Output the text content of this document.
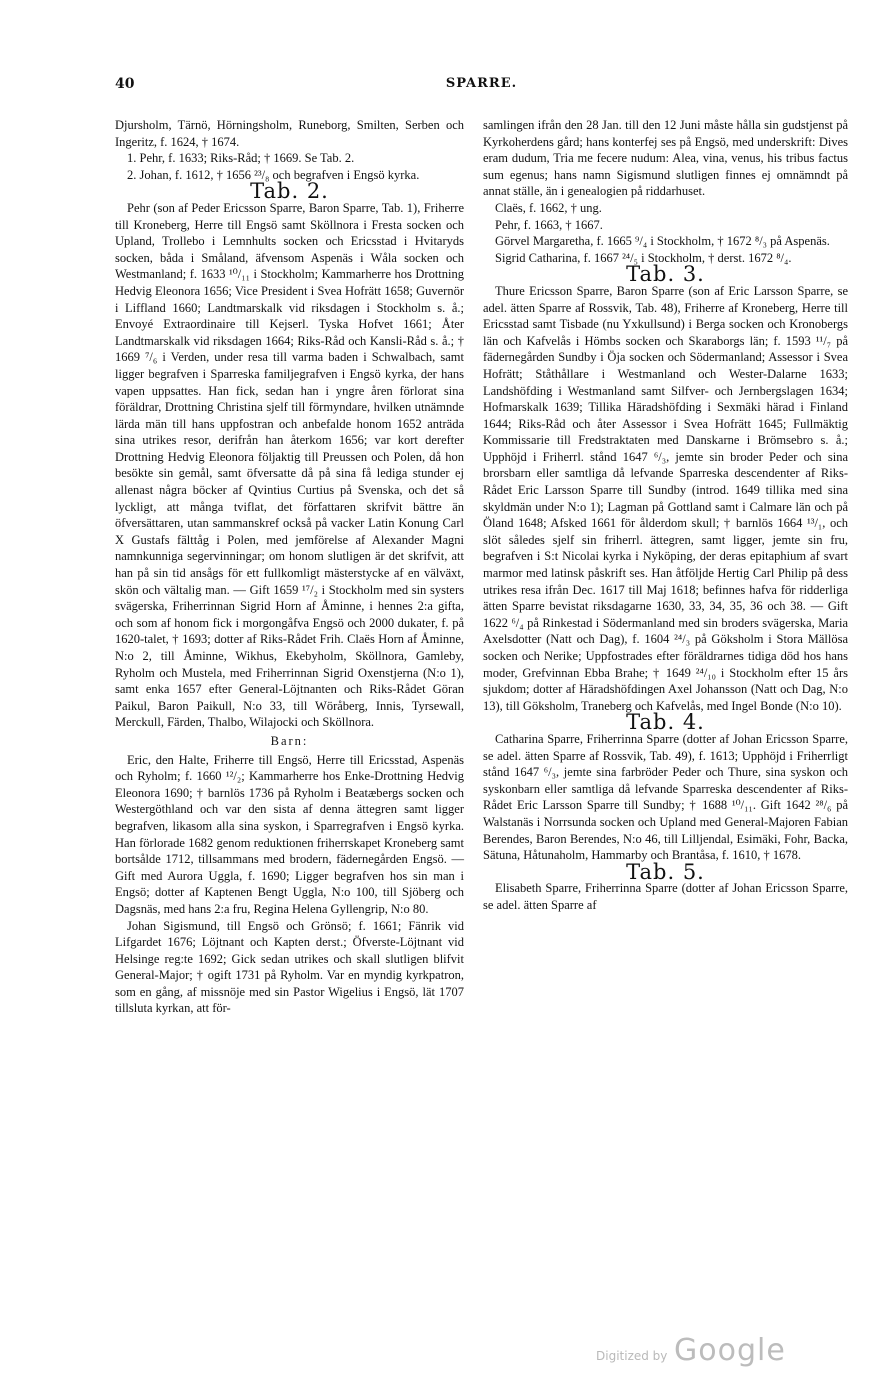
40	SPARRE.

Djursholm, Tärnö, Hörningsholm, Runeborg, Smilten, Serben och Ingeritz, f. 1624, † 1674.

1. Pehr, f. 1633; Riks-Råd; † 1669. Se Tab. 2.

2. Johan, f. 1612, † 1656 ²³/₈ och begrafven i Engsö kyrka.

Tab. 2.

Pehr (son af Peder Ericsson Sparre, Baron Sparre, Tab. 1), Friherre till Kroneberg, Herre till Engsö samt Sköllnora i Fresta socken och Upland, Trollebo i Lemnhults socken och Ericsstad i Hvitaryds socken, båda i Småland, äfvensom Aspenäs i Wåla socken och Westmanland; f. 1633 ¹⁰/₁₁ i Stockholm; Kammarherre hos Drottning Hedvig Eleonora 1656; Vice President i Svea Hofrätt 1658; Guvernör i Liffland 1660; Landtmarskalk vid riksdagen i Stockholm s. å.; Envoyé Extraordinaire till Kejserl. Tyska Hofvet 1661; Åter Landtmarskalk vid riksdagen 1664; Riks-Råd och Kansli-Råd s. å.; † 1669 ⁷/₆ i Verden, under resa till varma baden i Schwalbach, samt ligger begrafven i Sparreska familjegrafven i Engsö kyrka, der hans vapen uppsattes. Han fick, sedan han i yngre åren förlorat sina föräldrar, Drottning Christina sjelf till förmyndare, hvilken utnämnde lärda män till hans uppfostran och anbefalde honom 1652 anträda sina utrikes resor, derifrån han återkom 1656; var kort derefter Drottning Hedvig Eleonora följaktig till Preussen och Polen, då hon besökte sin gemål, samt öfversatte då på sina få lediga stunder ej allenast några böcker af Qvintius Curtius på Svenska, och det så lyckligt, att många tviflat, det författaren skrifvit bättre än öfversättaren, utan sammanskref också på vacker Latin Konung Carl X Gustafs fälttåg i Polen, med jemförelse af Alexander Magni namnkunniga segervinningar; om honom slutligen är det skrifvit, att han på sin tid ansågs för ett fullkomligt mästerstycke af en välväxt, skön och vältalig man. — Gift 1659 ¹⁷/₂ i Stockholm med sin systers svägerska, Friherrinnan Sigrid Horn af Åminne, i hennes 2:a gifta, och som af honom fick i morgongåfva Engsö och 2000 dukater, f. på 1620-talet, † 1693; dotter af Riks-Rådet Frih. Claës Horn af Åminne, N:o 2, till Åminne, Wikhus, Ekebyholm, Sköllnora, Gamleby, Ryholm och Mustela, med Friherrinnan Sigrid Oxenstjerna (N:o 1), samt enka 1657 efter General-Löjtnanten och Riks-Rådet Göran Paikul, Baron Paikull, N:o 33, till Wöråberg, Innis, Tyrsewall, Merckull, Färden, Thalbo, Wilajocki och Sköllnora.

Barn:

Eric, den Halte, Friherre till Engsö, Herre till Ericsstad, Aspenäs och Ryholm; f. 1660 ¹²/₂; Kammarherre hos Enke-Drottning Hedvig Eleonora 1690; † barnlös 1736 på Ryholm i Beatæbergs socken och Westergöthland och var den sista af denna ättegren samt ligger begrafven, likasom alla sina syskon, i Sparregrafven i Engsö kyrka. Han förlorade 1682 genom reduktionen friherrskapet Kroneberg samt bortsålde 1712, tillsammans med brodern, fädernegården Engsö. — Gift med Aurora Uggla, f. 1690; Ligger begrafven hos sin man i Engsö; dotter af Kaptenen Bengt Uggla, N:o 100, till Sjöberg och Dagsnäs, med hans 2:a fru, Regina Helena Gyllengrip, N:o 80.

Johan Sigismund, till Engsö och Grönsö; f. 1661; Fänrik vid Lifgardet 1676; Löjtnant och Kapten derst.; Öfverste-Löjtnant vid Helsinge reg:te 1692; Gick sedan utrikes och skall slutligen blifvit General-Major; † ogift 1731 på Ryholm. Var en myndig kyrkpatron, som en gång, af missnöje med sin Pastor Wigelius i Engsö, lät 1707 tillsluta kyrkan, att för-

samlingen ifrån den 28 Jan. till den 12 Juni måste hålla sin gudstjenst på Kyrkoherdens gård; hans konterfej ses på Engsö, med underskrift: Dives eram dudum, Tria me fecere nudum: Alea, vina, venus, his tribus factus sum egenus; hans namn Sigismund slutligen finnes ej omnämndt på annat ställe, än i genealogien på riddarhuset.

Claës, f. 1662, † ung.

Pehr, f. 1663, † 1667.

Görvel Margaretha, f. 1665 ⁹/₄ i Stockholm, † 1672 ⁸/₃ på Aspenäs.

Sigrid Catharina, f. 1667 ²⁴/₅ i Stockholm, † derst. 1672 ⁸/₄.

Tab. 3.

Thure Ericsson Sparre, Baron Sparre (son af Eric Larsson Sparre, se adel. ätten Sparre af Rossvik, Tab. 48), Friherre af Kroneberg, Herre till Ericsstad samt Tisbade (nu Yxkullsund) i Berga socken och Kronobergs län och Kafvelås i Hömbs socken och Skaraborgs län; f. 1593 ¹¹/₇ på fädernegården Sundby i Öja socken och Södermanland; Assessor i Svea Hofrätt; Ståthållare i Westmanland och Wester-Dalarne 1633; Landshöfding i Westmanland samt Silfver- och Jernbergslagen 1634; Hofmarskalk 1639; Tillika Häradshöfding i Sexmäki härad i Finland 1644; Riks-Råd och åter Assessor i Svea Hofrätt 1645; Fullmäktig Kommissarie till Fredstraktaten med Danskarne i Brömsebro s. å.; Upphöjd i Friherrl. stånd 1647 ⁶/₃, jemte sin broder Peder och sina brorsbarn eller samtliga då lefvande Sparreska descendenter af Riks-Rådet Eric Larsson Sparre till Sundby (introd. 1649 tillika med sina skyldmän under N:o 1); Lagman på Gottland samt i Calmare län och på Öland 1648; Afsked 1661 för ålderdom skull; † barnlös 1664 ¹³/₁, och slöt således sjelf sin friherrl. ättegren, samt ligger, jemte sin fru, begrafven i S:t Nicolai kyrka i Nyköping, der deras epitaphium af svart marmor med latinsk påskrift ses. Han åtföljde Hertig Carl Philip på dess utrikes resa ifrån Dec. 1617 till Maj 1618; befinnes hafva för ridderliga ätten Sparre bevistat riksdagarne 1630, 33, 34, 35, 36 och 38. — Gift 1622 ⁶/₄ på Rinkestad i Södermanland med sin broders svägerska, Maria Axelsdotter (Natt och Dag), f. 1604 ²⁴/₃ på Göksholm i Stora Mällösa socken och Nerike; Uppfostrades efter föräldrarnes tidiga död hos hans moder, Grefvinnan Ebba Brahe; † 1649 ²⁴/₁₀ i Stockholm efter 15 års sjukdom; dotter af Häradshöfdingen Axel Johansson (Natt och Dag, N:o 13), till Göksholm, Traneberg och Kafvelås, med Ingel Bonde (N:o 10).

Tab. 4.

Catharina Sparre, Friherrinna Sparre (dotter af Johan Ericsson Sparre, se adel. ätten Sparre af Rossvik, Tab. 49), f. 1613; Upphöjd i Friherrligt stånd 1647 ⁶/₃, jemte sina farbröder Peder och Thure, sina syskon och syskonbarn eller samtliga då lefvande Sparreska descendenter af Riks-Rådet Eric Larsson Sparre till Sundby; † 1688 ¹⁰/₁₁. Gift 1642 ²⁸/₆ på Walstanäs i Norrsunda socken och Upland med General-Majoren Fabian Berendes, Baron Berendes, N:o 46, till Lilljendal, Esimäki, Fohr, Backa, Sätuna, Håtunaholm, Hammarby och Brantåsa, f. 1610, † 1678.

Tab. 5.

Elisabeth Sparre, Friherrinna Sparre (dotter af Johan Ericsson Sparre, se adel. ätten Sparre af

Digitized by Google
